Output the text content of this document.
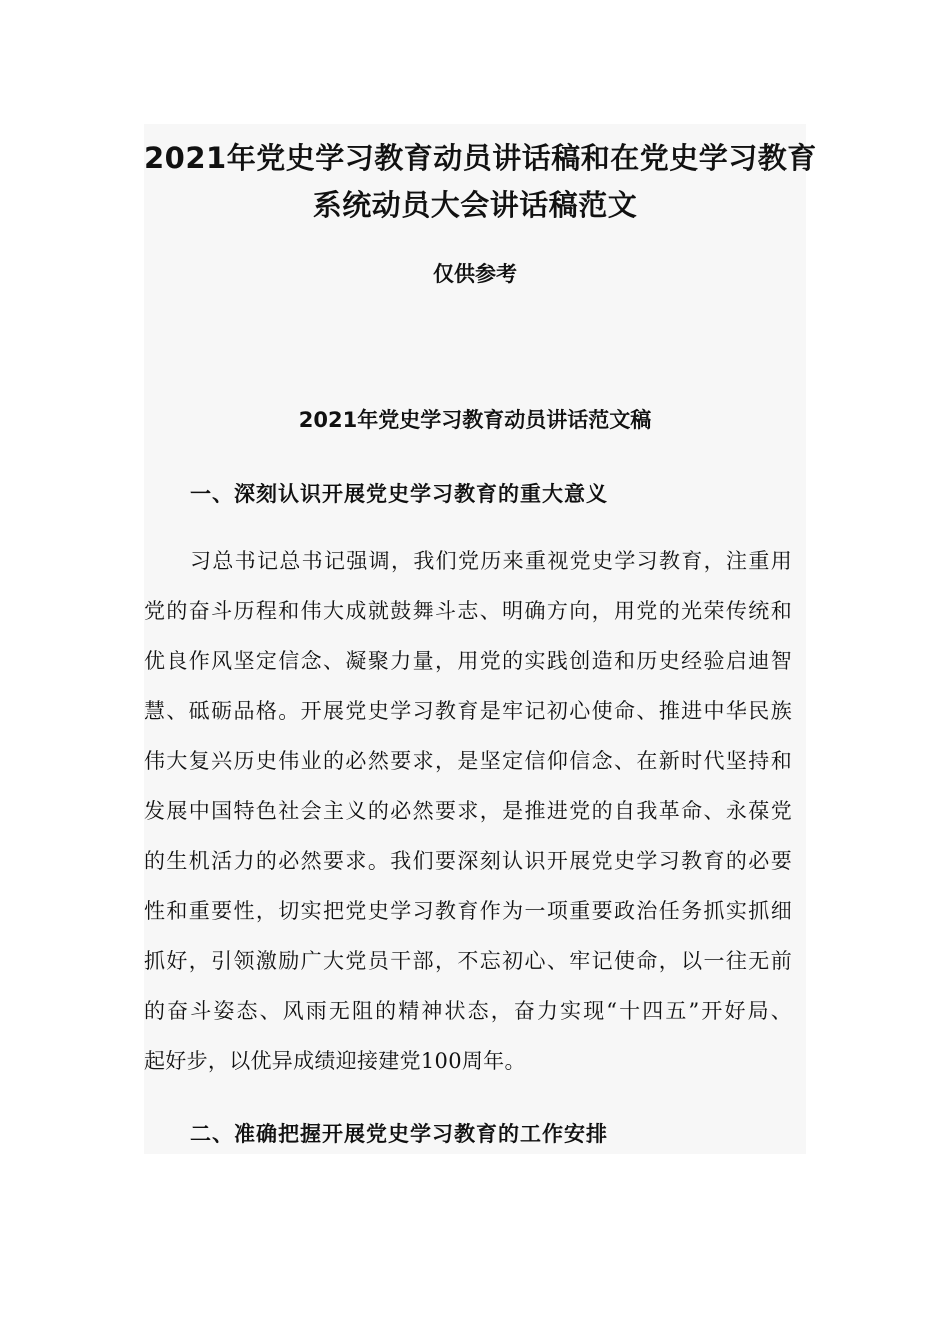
2021年党史学习教育动员讲话稿和在党史学习教育
系统动员大会讲话稿范文

仅供参考

2021年党史学习教育动员讲话范文稿
一、深刻认识开展党史学习教育的重大意义
习总书记总书记强调，我们党历来重视党史学习教育，注重用
党的奋斗历程和伟大成就鼓舞斗志、明确方向，用党的光荣传统和
优良作风坚定信念、凝聚力量，用党的实践创造和历史经验启迪智
慧、砥砺品格。开展党史学习教育是牢记初心使命、推进中华民族
伟大复兴历史伟业的必然要求，是坚定信仰信念、在新时代坚持和
发展中国特色社会主义的必然要求，是推进党的自我革命、永葆党
的生机活力的必然要求。我们要深刻认识开展党史学习教育的必要
性和重要性，切实把党史学习教育作为一项重要政治任务抓实抓细
抓好，引领激励广大党员干部，不忘初心、牢记使命，以一往无前
的奋斗姿态、风雨无阻的精神状态，奋力实现“十四五”开好局、
起好步，以优异成绩迎接建党100周年。
二、准确把握开展党史学习教育的工作安排
